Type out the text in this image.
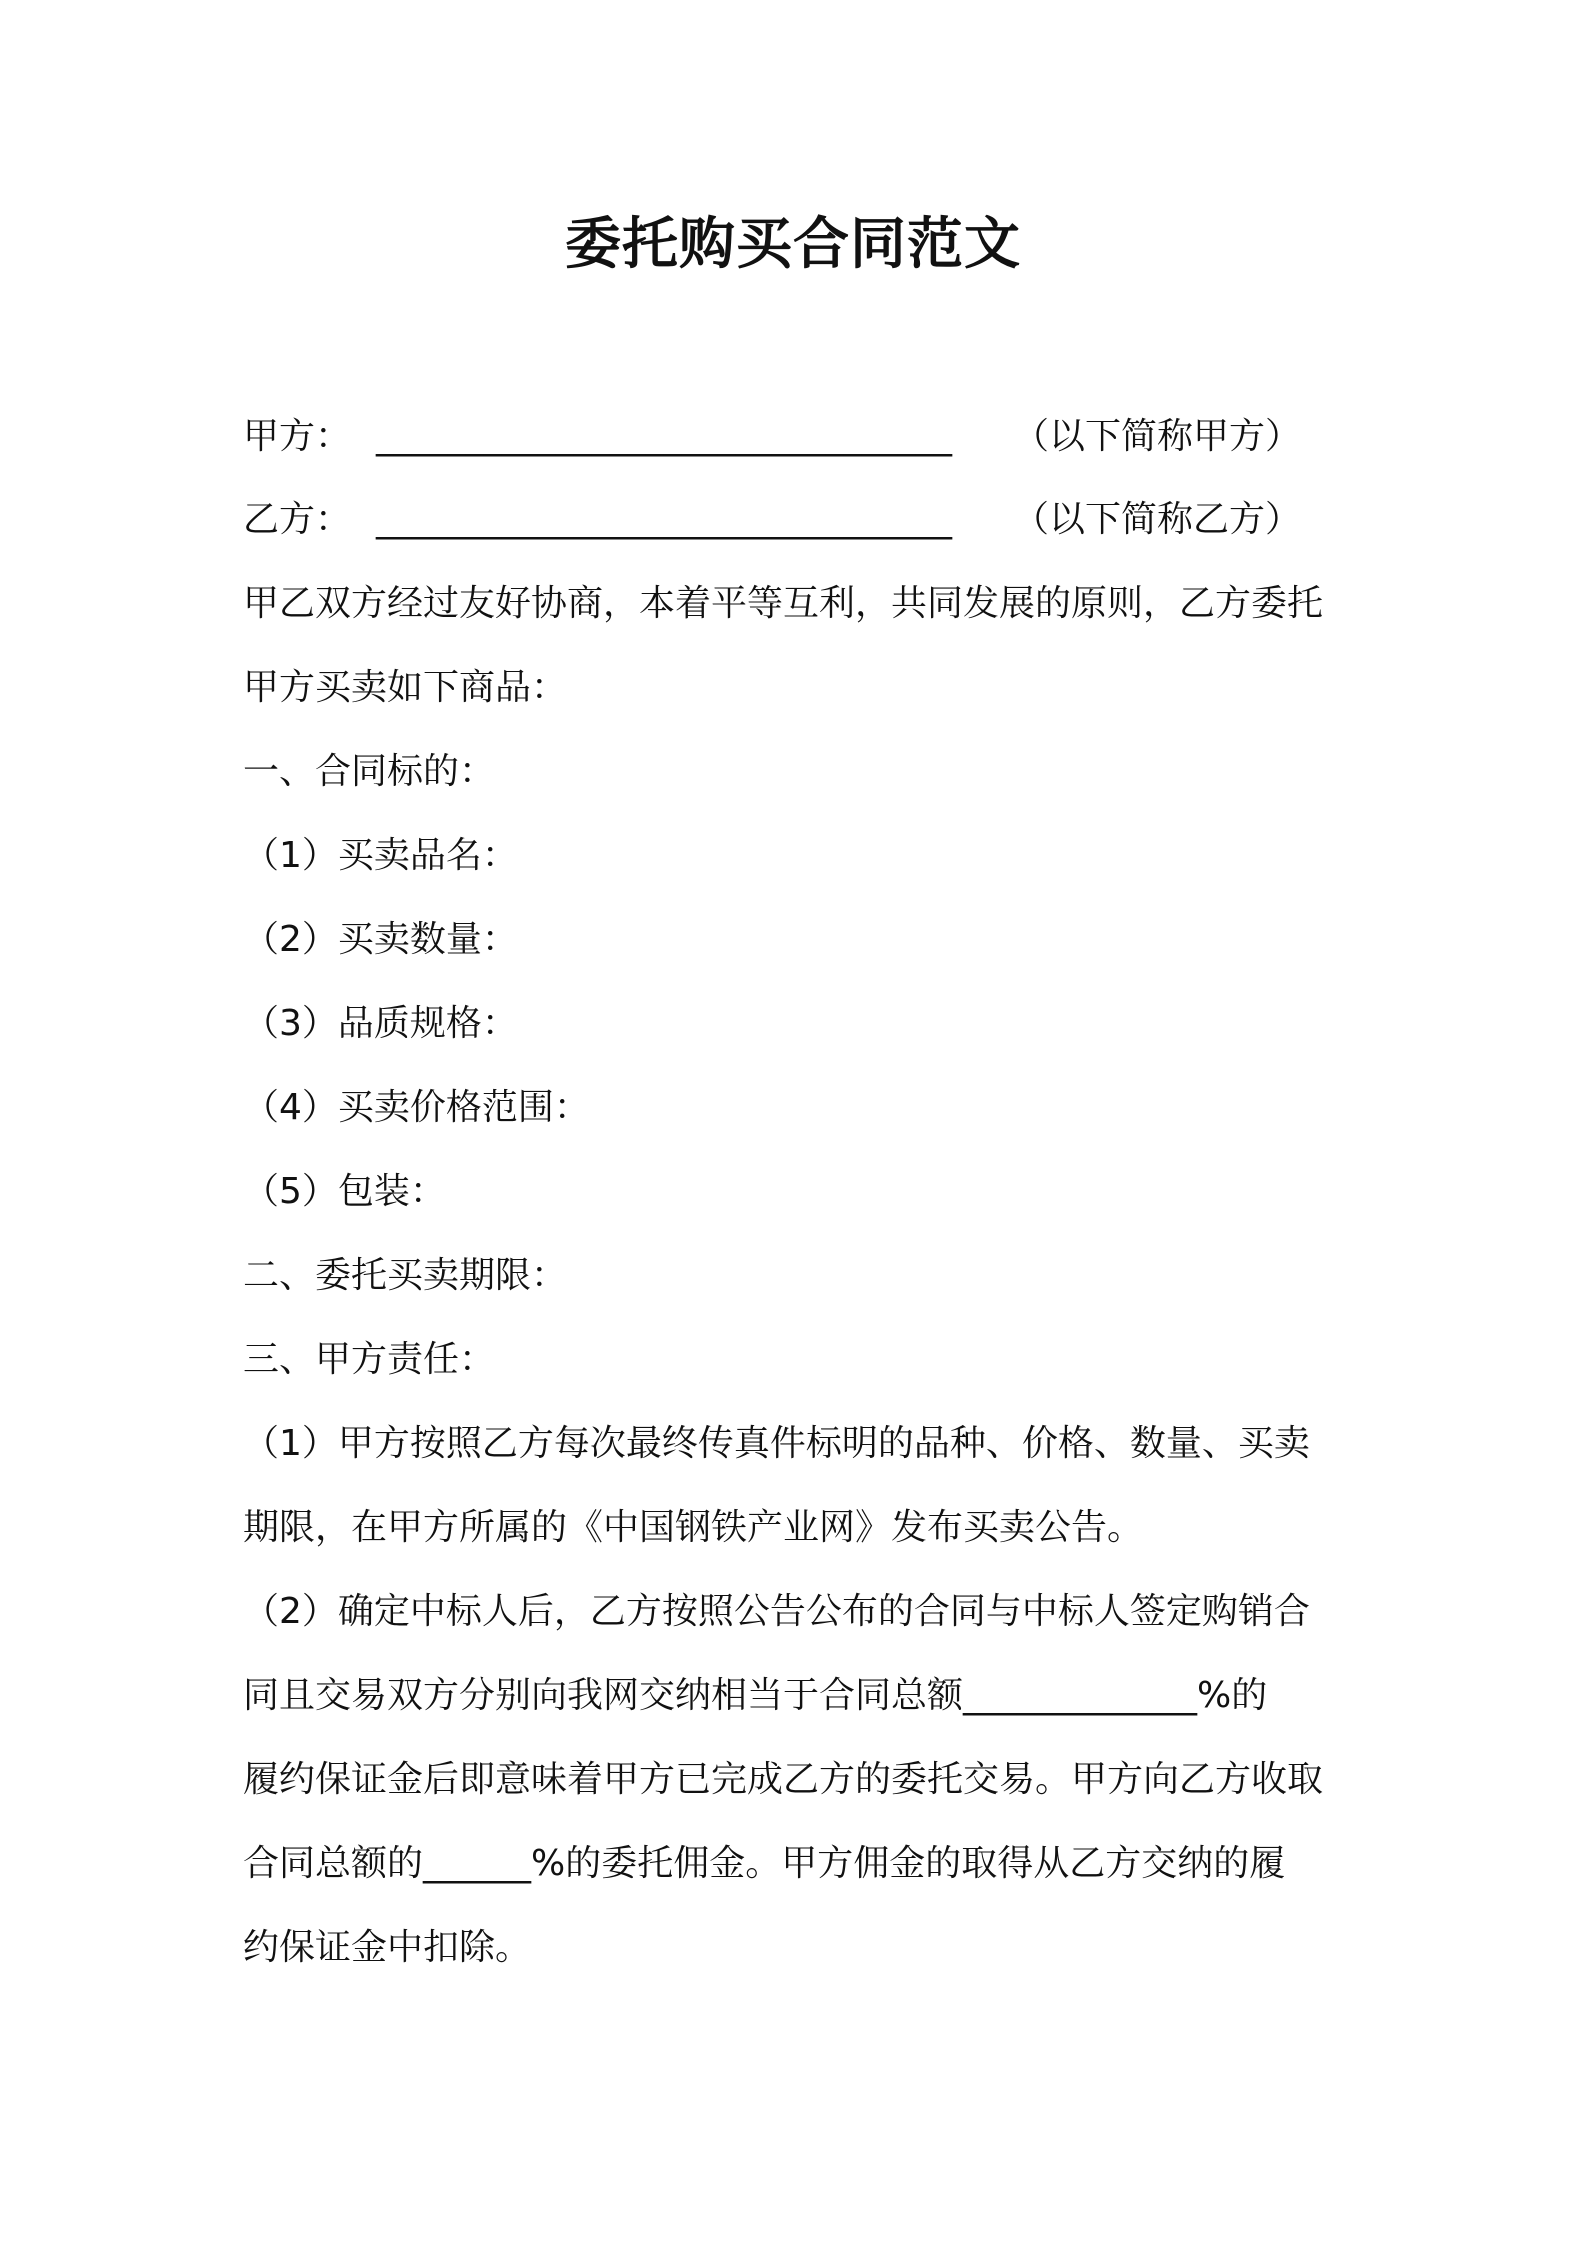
委托购买合同范文
甲方： ________________________________ （以下简称甲方）
乙方： ________________________________ （以下简称乙方）
甲乙双方经过友好协商，本着平等互利，共同发展的原则，乙方委托
甲方买卖如下商品：
一、合同标的：
（1）买卖品名：
（2）买卖数量：
（3）品质规格：
（4）买卖价格范围：
（5）包装：
二、委托买卖期限：
三、甲方责任：
（1）甲方按照乙方每次最终传真件标明的品种、价格、数量、买卖
期限，在甲方所属的《中国钢铁产业网》发布买卖公告。
（2）确定中标人后，乙方按照公告公布的合同与中标人签定购销合
同且交易双方分别向我网交纳相当于合同总额_____________%的
履约保证金后即意味着甲方已完成乙方的委托交易。甲方向乙方收取
合同总额的______%的委托佣金。甲方佣金的取得从乙方交纳的履
约保证金中扣除。
